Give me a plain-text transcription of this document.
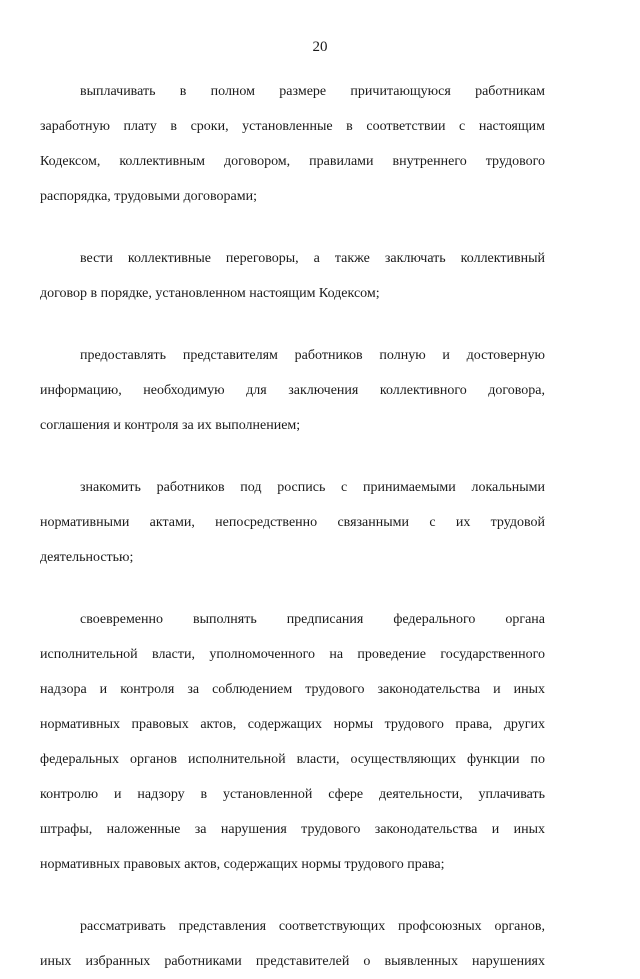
20
выплачивать в полном размере причитающуюся работникам
заработную плату в сроки, установленные в соответствии с настоящим
Кодексом, коллективным договором, правилами внутреннего трудового
распорядка, трудовыми договорами;
вести коллективные переговоры, а также заключать коллективный
договор в порядке, установленном настоящим Кодексом;
предоставлять представителям работников полную и достоверную
информацию, необходимую для заключения коллективного договора,
соглашения и контроля за их выполнением;
знакомить работников под роспись с принимаемыми локальными
нормативными актами, непосредственно связанными с их трудовой
деятельностью;
своевременно выполнять предписания федерального органа
исполнительной власти, уполномоченного на проведение государственного
надзора и контроля за соблюдением трудового законодательства и иных
нормативных правовых актов, содержащих нормы трудового права, других
федеральных органов исполнительной власти, осуществляющих функции по
контролю и надзору в установленной сфере деятельности, уплачивать
штрафы, наложенные за нарушения трудового законодательства и иных
нормативных правовых актов, содержащих нормы трудового права;
рассматривать представления соответствующих профсоюзных органов,
иных избранных работниками представителей о выявленных нарушениях
